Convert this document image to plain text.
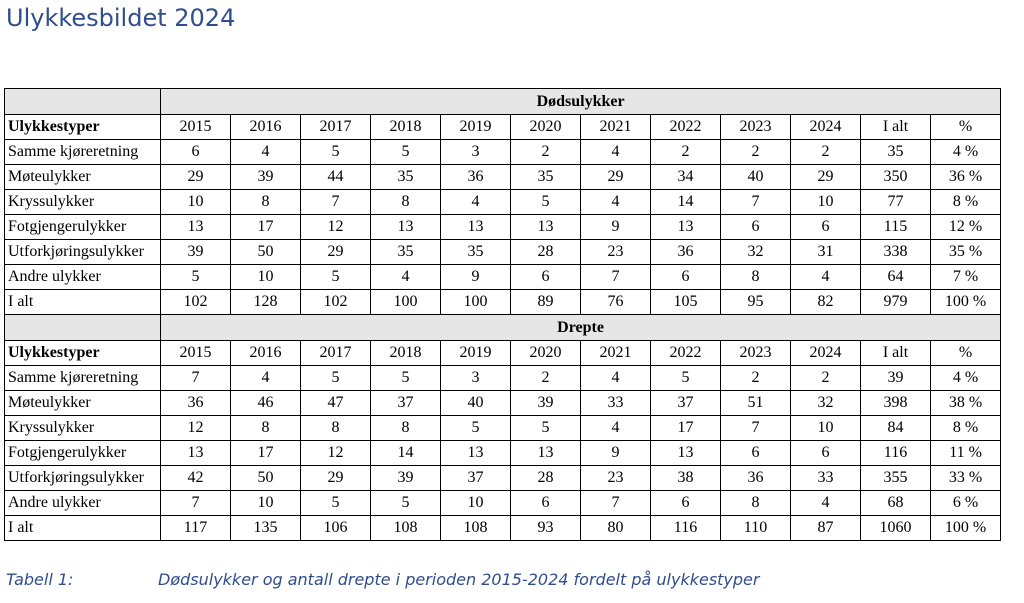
Ulykkesbildet 2024
	Dødsulykker											
Ulykkestyper	2015	2016	2017	2018	2019	2020	2021	2022	2023	2024	I alt	%
Samme kjøreretning	6	4	5	5	3	2	4	2	2	2	35	4 %
Møteulykker	29	39	44	35	36	35	29	34	40	29	350	36 %
Kryssulykker	10	8	7	8	4	5	4	14	7	10	77	8 %
Fotgjengerulykker	13	17	12	13	13	13	9	13	6	6	115	12 %
Utforkjøringsulykker	39	50	29	35	35	28	23	36	32	31	338	35 %
Andre ulykker	5	10	5	4	9	6	7	6	8	4	64	7 %
I alt	102	128	102	100	100	89	76	105	95	82	979	100 %
	Drepte											
Ulykkestyper	2015	2016	2017	2018	2019	2020	2021	2022	2023	2024	I alt	%
Samme kjøreretning	7	4	5	5	3	2	4	5	2	2	39	4 %
Møteulykker	36	46	47	37	40	39	33	37	51	32	398	38 %
Kryssulykker	12	8	8	8	5	5	4	17	7	10	84	8 %
Fotgjengerulykker	13	17	12	14	13	13	9	13	6	6	116	11 %
Utforkjøringsulykker	42	50	29	39	37	28	23	38	36	33	355	33 %
Andre ulykker	7	10	5	5	10	6	7	6	8	4	68	6 %
I alt	117	135	106	108	108	93	80	116	110	87	1060	100 %
Tabell 1:	Dødsulykker og antall drepte i perioden 2015-2024 fordelt på ulykkestyper
